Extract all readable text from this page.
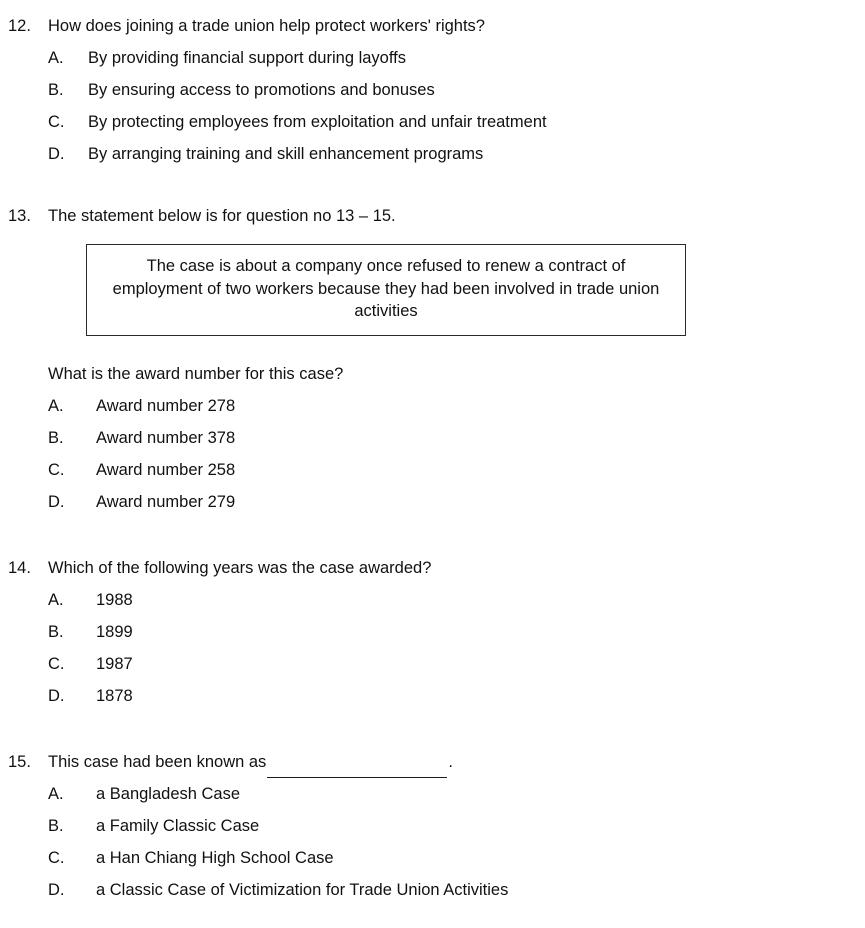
12.	How does joining a trade union help protect workers' rights?
A.	By providing financial support during layoffs
B.	By ensuring access to promotions and bonuses
C.	By protecting employees from exploitation and unfair treatment
D.	By arranging training and skill enhancement programs
13.	The statement below is for question no 13 – 15.
The case is about a company once refused to renew a contract of employment of two workers because they had been involved in trade union activities
What is the award number for this case?
A.	Award number 278
B.	Award number 378
C.	Award number 258
D.	Award number 279
14.	Which of the following years was the case awarded?
A.	1988
B.	1899
C.	1987
D.	1878
15.	This case had been known as	.
A.	a Bangladesh Case
B.	a Family Classic Case
C.	a Han Chiang High School Case
D.	a Classic Case of Victimization for Trade Union Activities
